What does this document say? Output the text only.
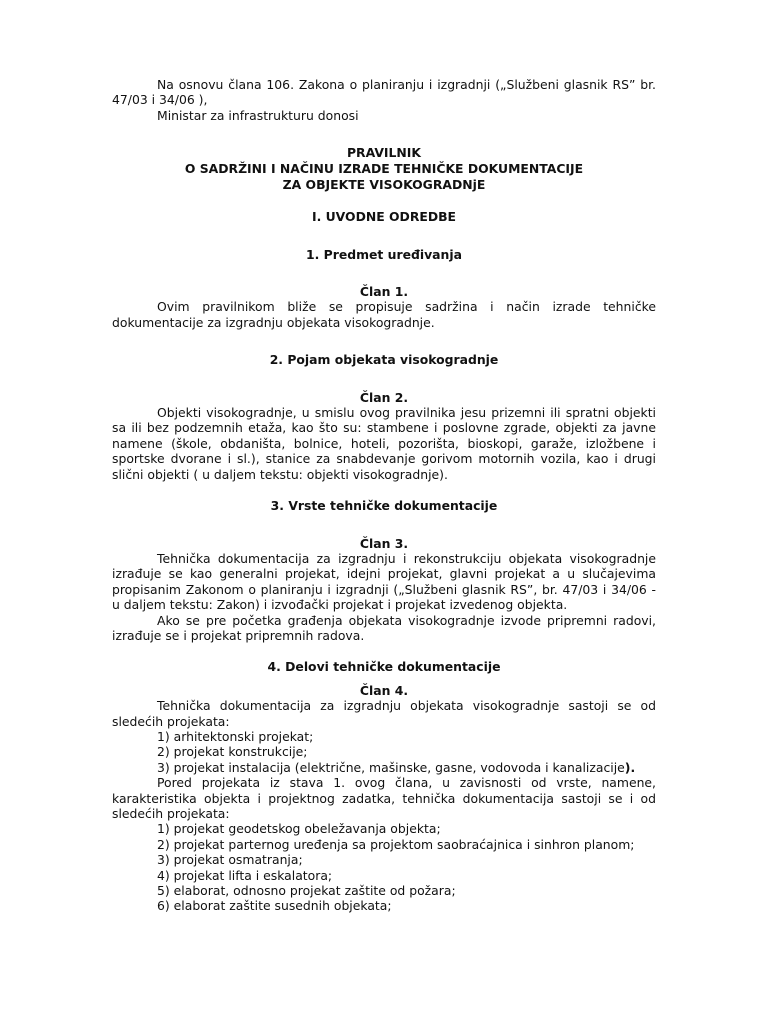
Na osnovu člana 106. Zakona o planiranju i izgradnji („Službeni glasnik RS” br. 47/03 i 34/06 ),

Ministar za infrastrukturu donosi

PRAVILNIK

O SADRŽINI I NAČINU IZRADE TEHNIČKE DOKUMENTACIJE

ZA OBJEKTE VISOKOGRADNjE

I. UVODNE ODREDBE

1. Predmet uređivanja

Član 1.

Ovim pravilnikom bliže se propisuje sadržina i način izrade tehničke dokumentacije za izgradnju objekata visokogradnje.

2. Pojam objekata visokogradnje

Član 2.

Objekti visokogradnje, u smislu ovog pravilnika jesu prizemni ili spratni objekti sa ili bez podzemnih etaža, kao što su: stambene i poslovne zgrade, objekti za javne namene (škole, obdaništa, bolnice, hoteli, pozorišta, bioskopi, garaže, izložbene i sportske dvorane i sl.), stanice za snabdevanje gorivom motornih vozila, kao i drugi slični objekti ( u daljem tekstu: objekti visokogradnje).

3. Vrste tehničke dokumentacije

Član 3.

Tehnička dokumentacija za izgradnju i rekonstrukciju objekata visokogradnje izrađuje se kao generalni projekat, idejni projekat, glavni projekat a u slučajevima propisanim Zakonom o planiranju i izgradnji („Službeni glasnik RS”, br. 47/03 i 34/06 - u daljem tekstu: Zakon) i izvođački projekat i projekat izvedenog objekta.

Ako se pre početka građenja objekata visokogradnje izvode pripremni radovi, izrađuje se i projekat pripremnih radova.

4. Delovi tehničke dokumentacije

Član 4.

Tehnička dokumentacija za izgradnju objekata visokogradnje sastoji se od sledećih projekata:

1) arhitektonski projekat;

2) projekat konstrukcije;

3) projekat instalacija (električne, mašinske, gasne, vodovoda i kanalizacije).

Pored projekata iz stava 1. ovog člana, u zavisnosti od vrste, namene, karakteristika objekta i projektnog zadatka, tehnička dokumentacija sastoji se i od sledećih projekata:

1) projekat geodetskog obeležavanja objekta;

2) projekat parternog uređenja sa projektom saobraćajnica i sinhron planom;

3) projekat osmatranja;

4) projekat lifta i eskalatora;

5) elaborat, odnosno projekat zaštite od požara;

6) elaborat zaštite susednih objekata;
